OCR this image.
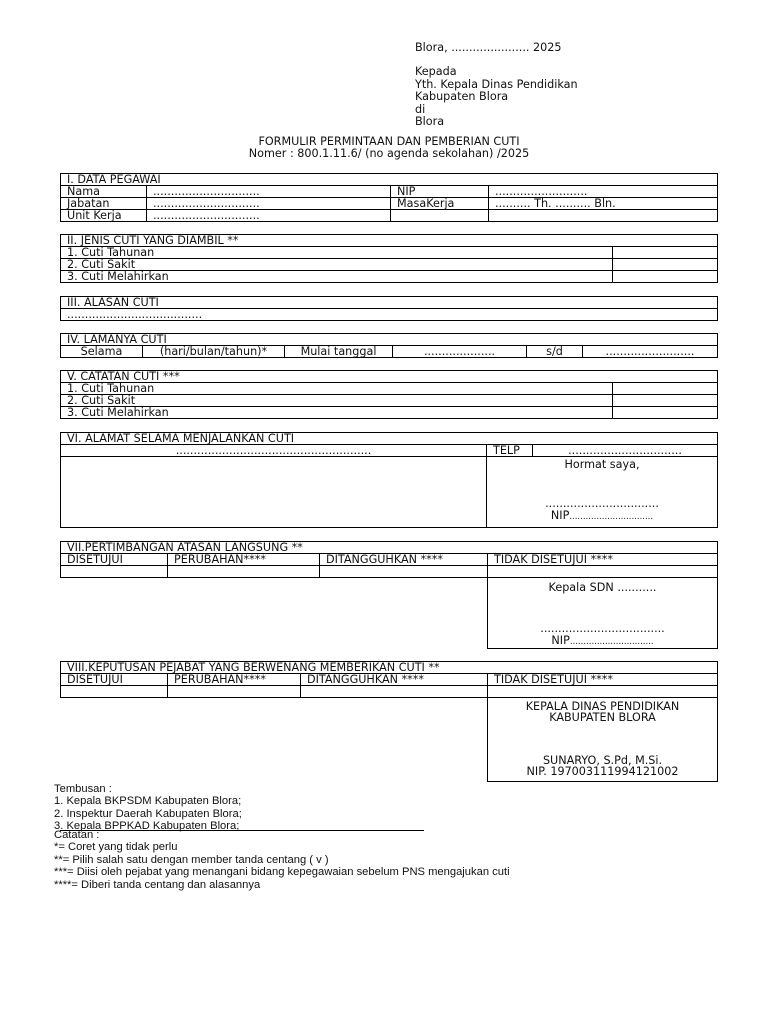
Blora, ...................... 2025
Kepada
Yth. Kepala Dinas Pendidikan
Kabupaten Blora
di
Blora
FORMULIR PERMINTAAN DAN PEMBERIAN CUTI
Nomer : 800.1.11.6/ (no agenda sekolahan) /2025
I. DATA PEGAWAI			
Nama	..............................	NIP	..........................
Jabatan	..............................	MasaKerja	.......... Th. .......... Bln.
Unit Kerja	..............................		
II. JENIS CUTI YANG DIAMBIL **	
1. Cuti Tahunan	
2. Cuti Sakit	
3. Cuti Melahirkan	
III. ALASAN CUTI
......................................
IV. LAMANYA CUTI
Selama	(hari/bulan/tahun)*	Mulai tanggal	....................	s/d	.........................
V. CATATAN CUTI ***	
1. Cuti Tahunan	
2. Cuti Sakit	
3. Cuti Melahirkan	
VI. ALAMAT SELAMA MENJALANKAN CUTI		
.......................................................	TELP	................................

	Hormat saya,
................................
NIP...............................	
VII.PERTIMBANGAN ATASAN LANGSUNG **			
DISETUJUI	PERUBAHAN****	DITANGGUHKAN ****	TIDAK DISETUJUI ****

			Kepala SDN ...........
...................................
NIP...............................
VIII.KEPUTUSAN PEJABAT YANG BERWENANG MEMBERIKAN CUTI **			
DISETUJUI	PERUBAHAN****	DITANGGUHKAN ****	TIDAK DISETUJUI ****

			KEPALA DINAS PENDIDIKAN
KABUPATEN BLORA
SUNARYO, S.Pd, M.Si.
NIP. 197003111994121002
Tembusan :
1. Kepala BKPSDM Kabupaten Blora;
2. Inspektur Daerah Kabupaten Blora;
3. Kepala BPPKAD Kabupaten Blora;
Catatan :
*= Coret yang tidak perlu
**= Pilih salah satu dengan member tanda centang ( v )
***= Diisi oleh pejabat yang menangani bidang kepegawaian sebelum PNS mengajukan cuti
****= Diberi tanda centang dan alasannya
